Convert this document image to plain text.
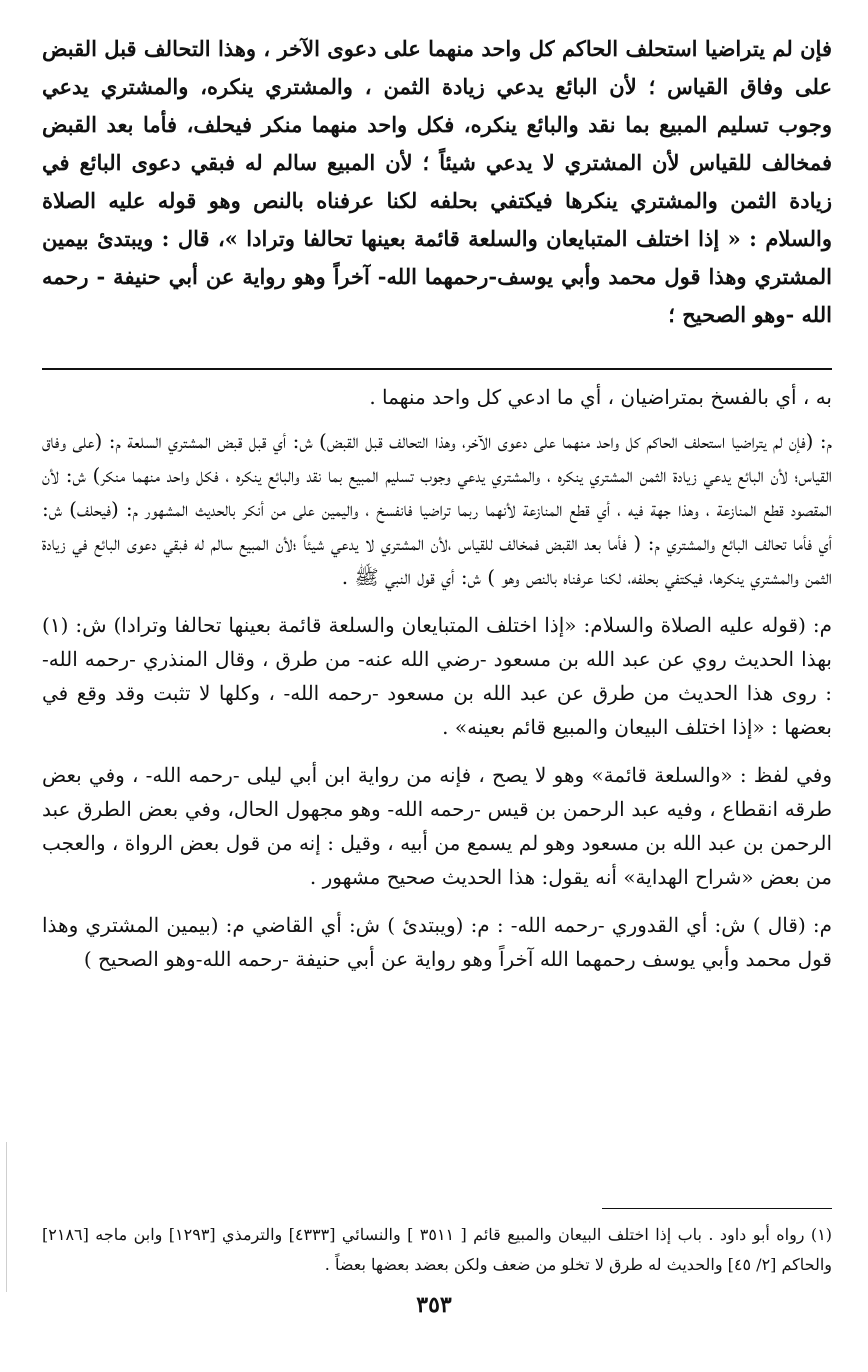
فإن لم يتراضيا استحلف الحاكم كل واحد منهما على دعوى الآخر ، وهذا التحالف قبل القبض على وفاق القياس ؛ لأن البائع يدعي زيادة الثمن ، والمشتري ينكره، والمشتري يدعي وجوب تسليم المبيع بما نقد والبائع ينكره، فكل واحد منهما منكر فيحلف، فأما بعد القبض فمخالف للقياس لأن المشتري لا يدعي شيئاً ؛ لأن المبيع سالم له فبقي دعوى البائع في زيادة الثمن والمشتري ينكرها فيكتفي بحلفه لكنا عرفناه بالنص وهو قوله عليه الصلاة والسلام : « إذا اختلف المتبايعان والسلعة قائمة بعينها تحالفا وترادا »، قال : ويبتدئ بيمين المشتري وهذا قول محمد وأبي يوسف-رحمهما الله- آخراً وهو رواية عن أبي حنيفة - رحمه الله -وهو الصحيح ؛

به ، أي بالفسخ بمتراضيان ، أي ما ادعي كل واحد منهما .

م: (فإن لم يتراضيا استحلف الحاكم كل واحد منهما على دعوى الآخر، وهذا التحالف قبل القبض) ش: أي قبل قبض المشتري السلعة م: (على وفاق القياس؛ لأن البائع يدعي زيادة الثمن المشتري ينكره ، والمشتري يدعي وجوب تسليم المبيع بما نقد والبائع ينكره ، فكل واحد منهما منكر) ش: لأن المقصود قطع المنازعة ، وهذا جهة فيه ، أي قطع المنازعة لأنهما ربما تراضيا فانفسخ ، واليمين على من أنكر بالحديث المشهور م: (فيحلف) ش: أي فأما تحالف البائع والمشتري م: ( فأما بعد القبض فمخالف للقياس ،لأن المشتري لا يدعي شيئاً ؛لأن المبيع سالم له فبقي دعوى البائع في زيادة الثمن والمشتري ينكرها، فيكتفي بحلفه، لكنا عرفناه بالنص وهو ) ش: أي قول النبي ﷺ .

م: (قوله عليه الصلاة والسلام: «إذا اختلف المتبايعان والسلعة قائمة بعينها تحالفا وترادا) ش: (١) بهذا الحديث روي عن عبد الله بن مسعود -رضي الله عنه- من طرق ، وقال المنذري -رحمه الله- : روى هذا الحديث من طرق عن عبد الله بن مسعود -رحمه الله- ، وكلها لا تثبت وقد وقع في بعضها : «إذا اختلف البيعان والمبيع قائم بعينه» .

وفي لفظ : «والسلعة قائمة» وهو لا يصح ، فإنه من رواية ابن أبي ليلى -رحمه الله- ، وفي بعض طرقه انقطاع ، وفيه عبد الرحمن بن قيس -رحمه الله- وهو مجهول الحال، وفي بعض الطرق عبد الرحمن بن عبد الله بن مسعود وهو لم يسمع من أبيه ، وقيل : إنه من قول بعض الرواة ، والعجب من بعض «شراح الهداية» أنه يقول: هذا الحديث صحيح مشهور .

م: (قال ) ش: أي القدوري -رحمه الله- : م: (ويبتدئ ) ش: أي القاضي م: (بيمين المشتري وهذا قول محمد وأبي يوسف رحمهما الله آخراً وهو رواية عن أبي حنيفة -رحمه الله-وهو الصحيح )

(١) رواه أبو داود . باب إذا اختلف البيعان والمبيع قائم [ ٣٥١١ ] والنسائي [٤٣٣٣] والترمذي [١٢٩٣] وابن ماجه [٢١٨٦] والحاكم [٢/ ٤٥] والحديث له طرق لا تخلو من ضعف ولكن بعضد بعضها بعضاً .

٣٥٣
